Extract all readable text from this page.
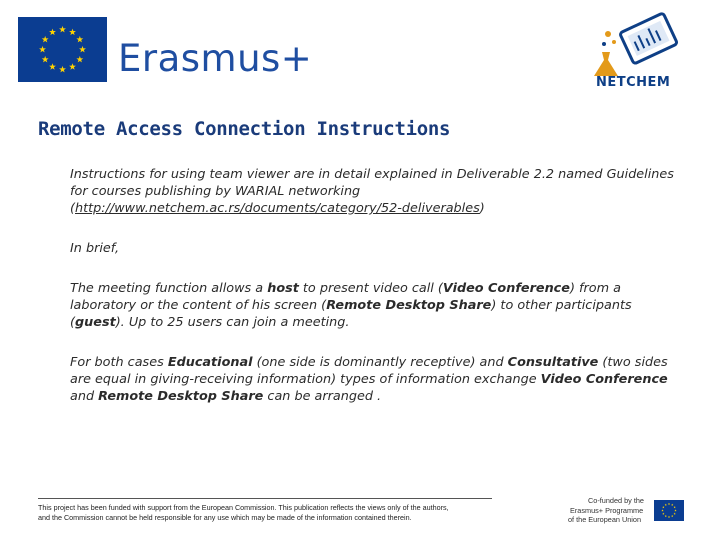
Erasmus+
NETCHEM
Remote Access Connection Instructions
Instructions for using team viewer are in detail explained in Deliverable 2.2 named Guidelines for courses publishing by WARIAL networking (http://www.netchem.ac.rs/documents/category/52-deliverables)
In brief,
The meeting function allows a host to present video call (Video Conference) from a laboratory or the content of his screen (Remote Desktop Share) to other participants (guest). Up to 25 users can join a meeting.
For both cases Educational (one side is dominantly receptive) and Consultative (two sides are equal in giving-receiving information) types of information exchange Video Conference and Remote Desktop Share can be arranged .
This project has been funded with support from the European Commission. This publication reflects the views only of the authors,
and the Commission cannot be held responsible for any use which may be made of the information contained therein.
Co-funded by the
Erasmus+ Programme
of the European Union
